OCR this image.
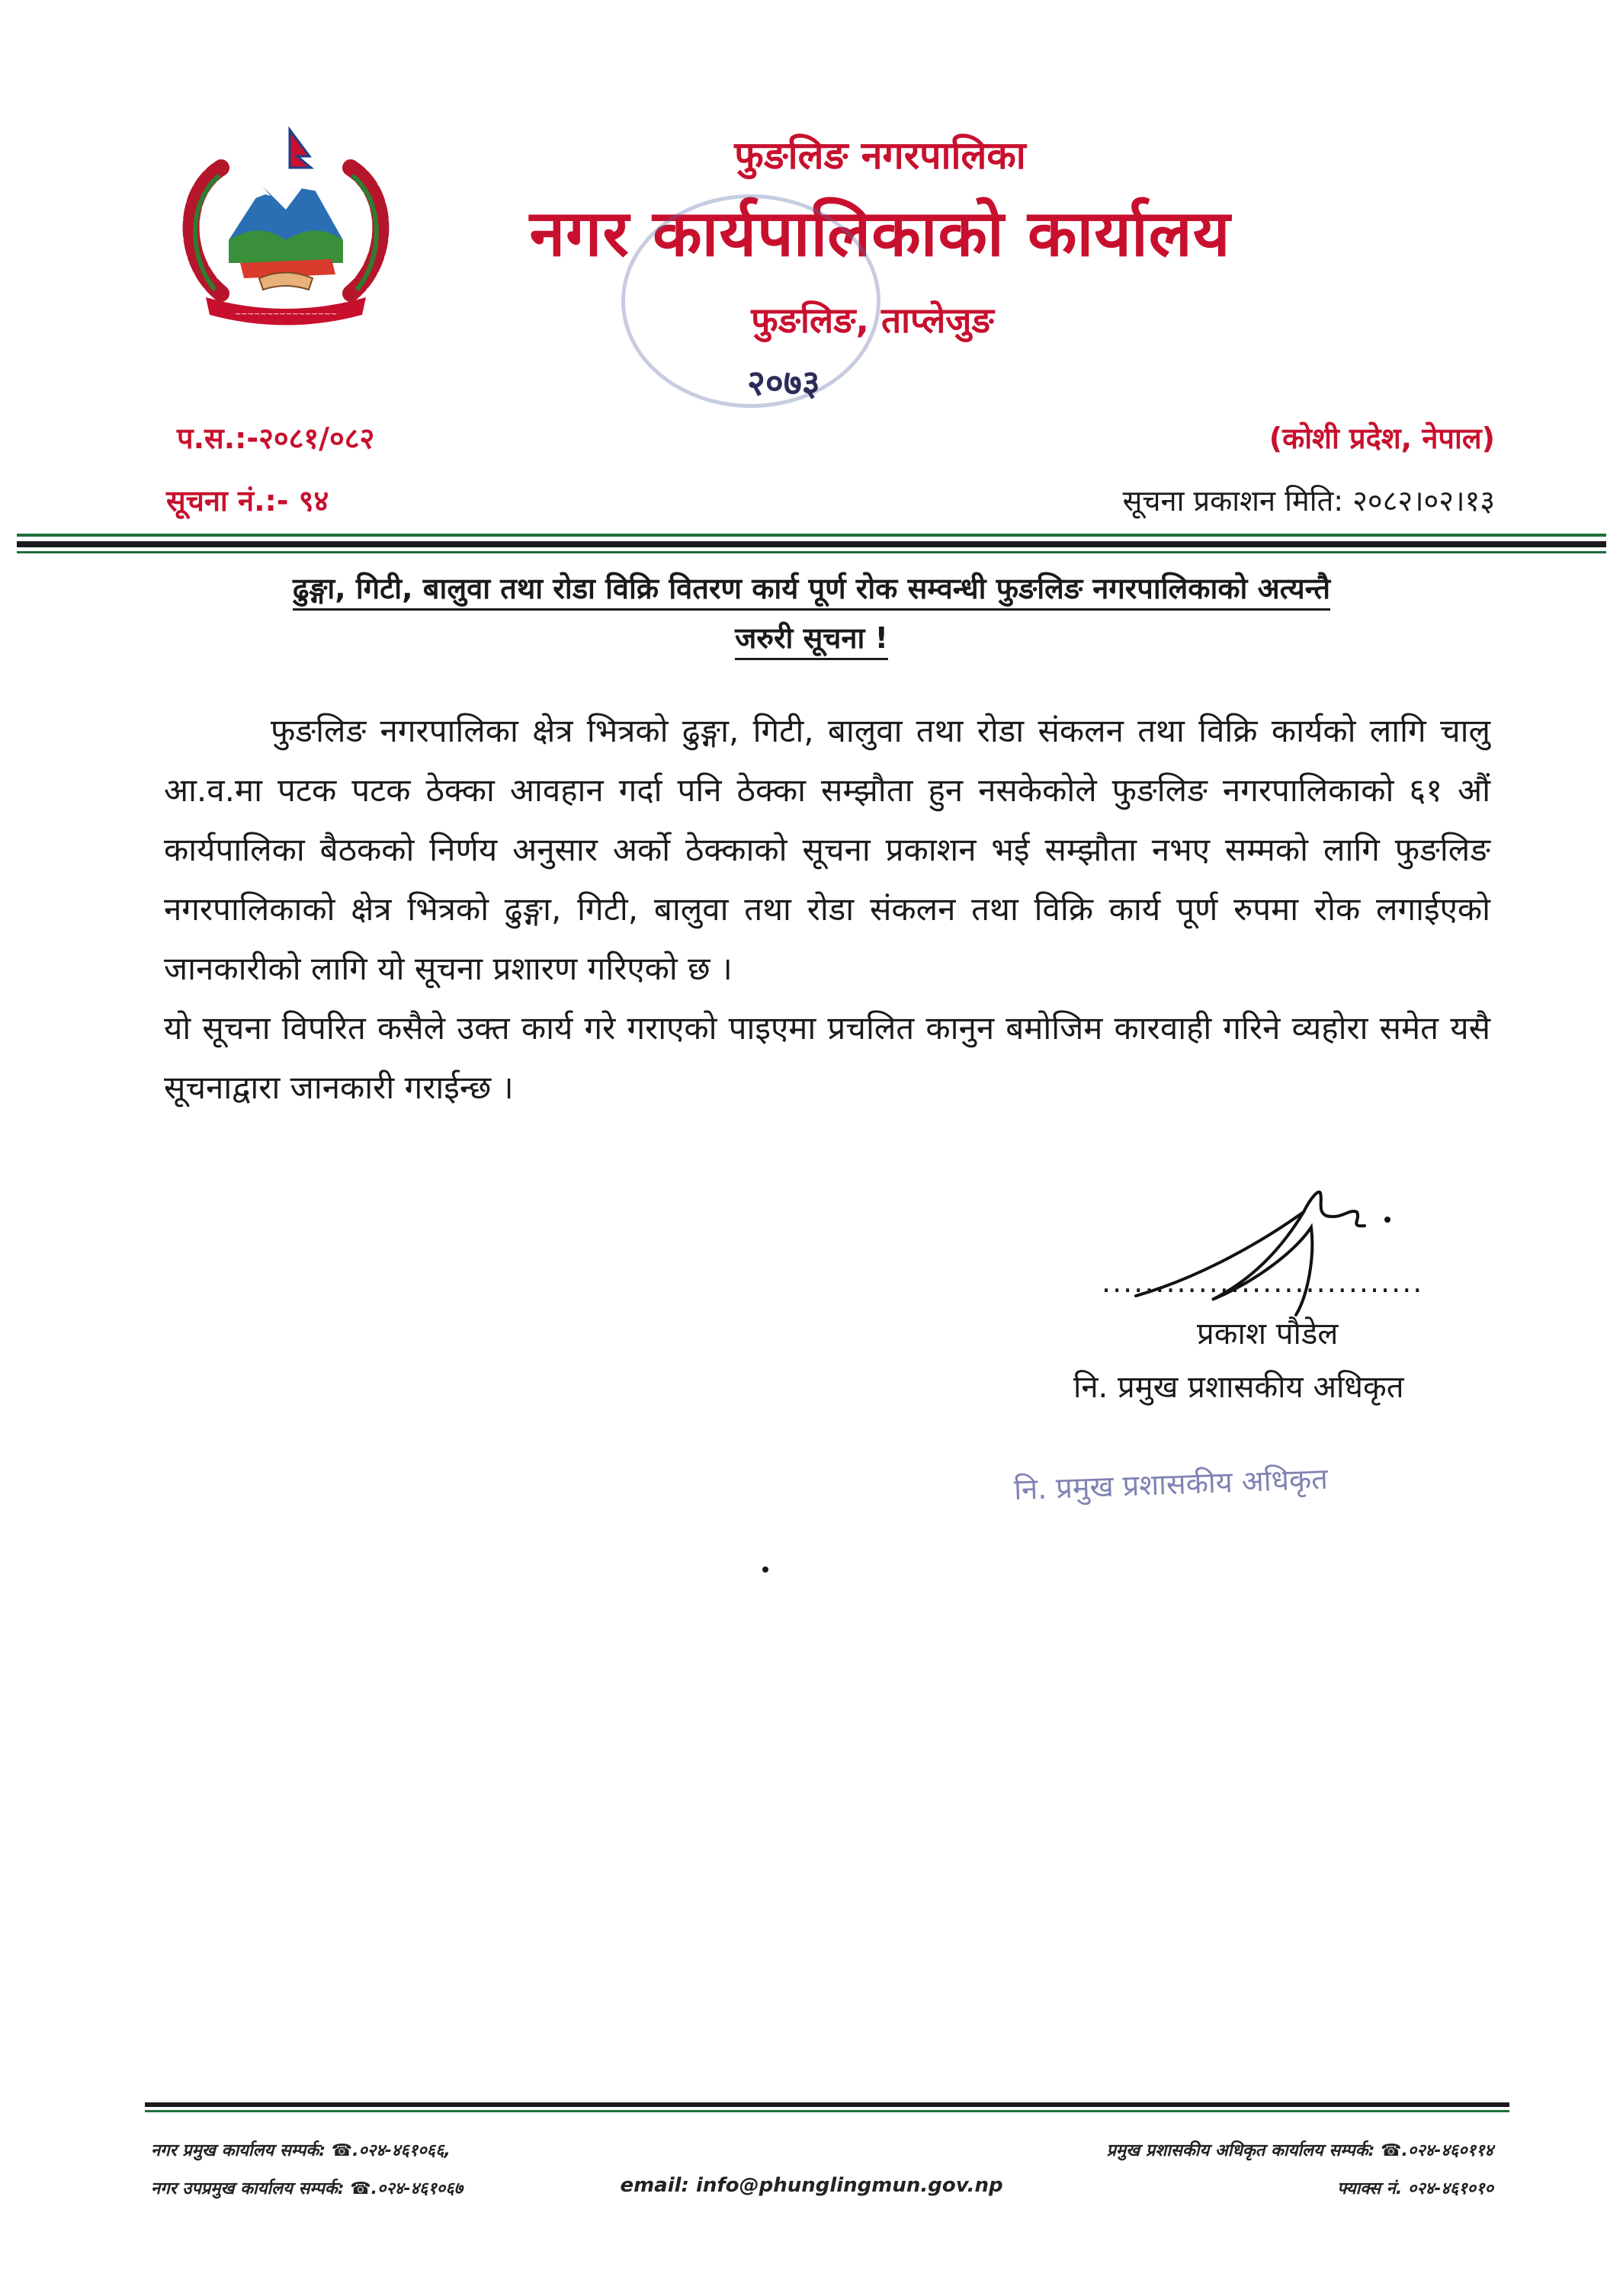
~~~~~~~~~~~~~~~~
फुङलिङ नगरपालिका
नगर कार्यपालिकाको कार्यालय
फुङलिङ, ताप्लेजुङ
२०७३
प.स.:-२०८१/०८२	(कोशी प्रदेश, नेपाल)
सूचना नं.:- ९४	सूचना प्रकाशन मिति: २०८२।०२।१३
ढुङ्गा, गिटी, बालुवा तथा रोडा विक्रि वितरण कार्य पूर्ण रोक सम्वन्धी फुङलिङ नगरपालिकाको अत्यन्तै
जरुरी सूचना !

फुङलिङ नगरपालिका क्षेत्र भित्रको ढुङ्गा, गिटी, बालुवा तथा रोडा संकलन तथा विक्रि कार्यको लागि चालु आ.व.मा पटक पटक ठेक्का आवहान गर्दा पनि ठेक्का सम्झौता हुन नसकेकोले फुङलिङ नगरपालिकाको ६१ औं कार्यपालिका बैठकको निर्णय अनुसार अर्को ठेक्काको सूचना प्रकाशन भई सम्झौता नभए सम्मको लागि फुङलिङ नगरपालिकाको क्षेत्र भित्रको ढुङ्गा, गिटी, बालुवा तथा रोडा संकलन तथा विक्रि कार्य पूर्ण रुपमा रोक लगाईएको जानकारीको लागि यो सूचना प्रशारण गरिएको छ ।

यो सूचना विपरित कसैले उक्त कार्य गरे गराएको पाइएमा प्रचलित कानुन बमोजिम कारवाही गरिने व्यहोरा समेत यसै सूचनाद्वारा जानकारी गराईन्छ ।

..............................
प्रकाश पौडेल
नि. प्रमुख प्रशासकीय अधिकृत
नि. प्रमुख प्रशासकीय अधिकृत
नगर प्रमुख कार्यालय सम्पर्क: ☎.०२४-४६१०६६,
नगर उपप्रमुख कार्यालय सम्पर्क: ☎.०२४-४६१०६७	email: info@phunglingmun.gov.np
प्रमुख प्रशासकीय अधिकृत कार्यालय सम्पर्क: ☎.०२४-४६०११४
फ्याक्स नं. ०२४-४६१०१०
